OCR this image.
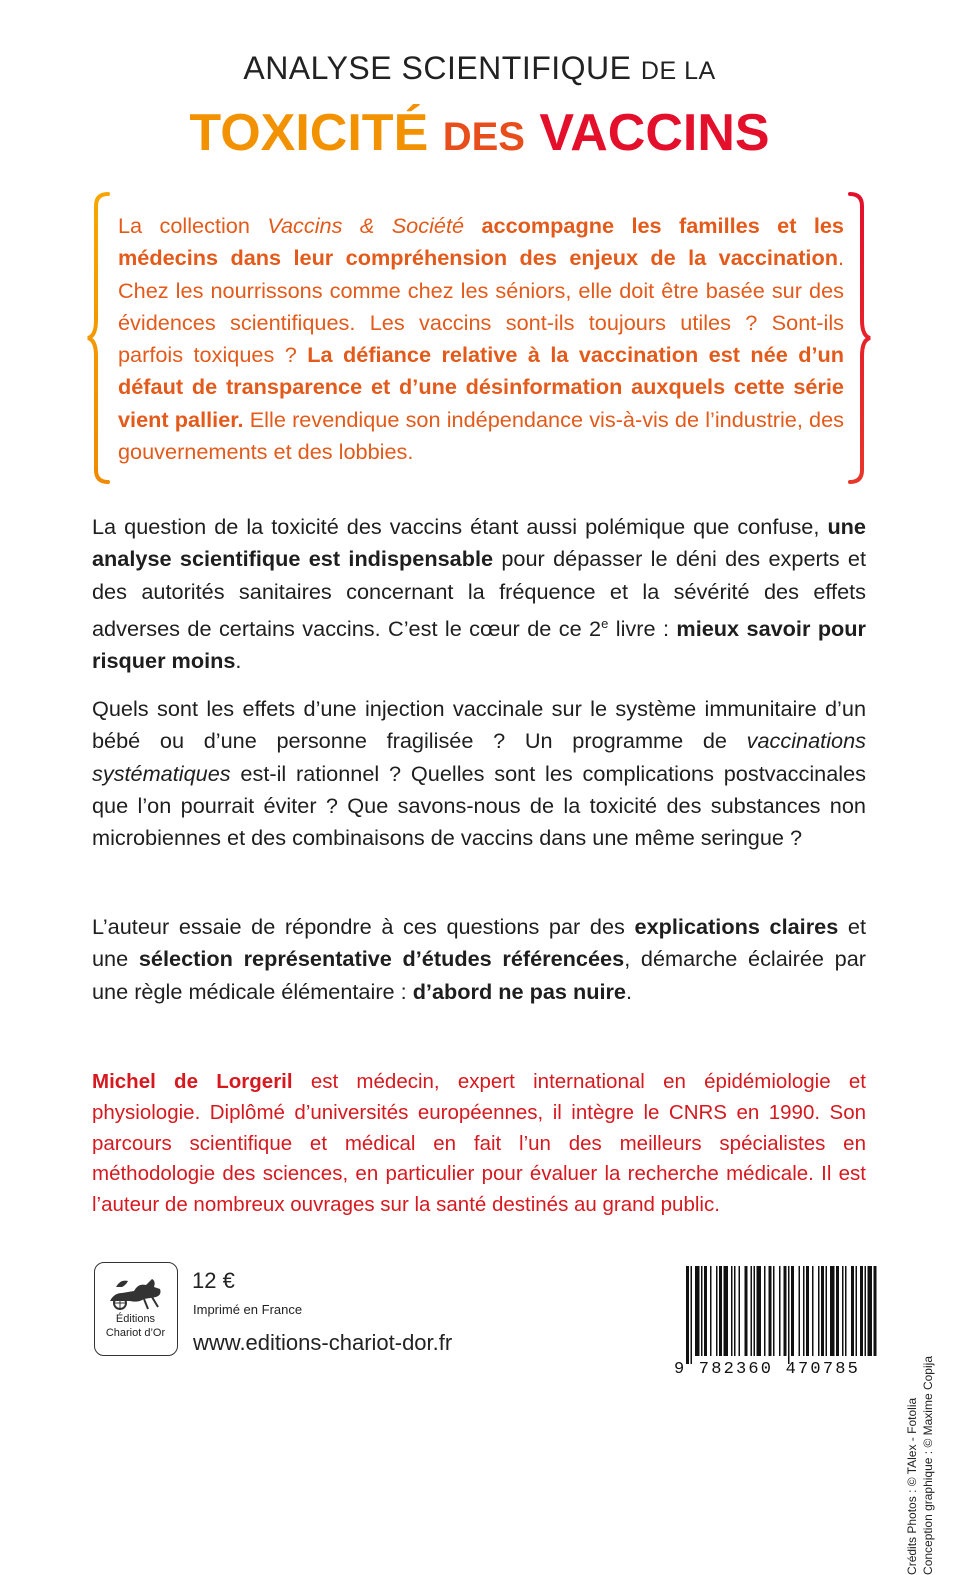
ANALYSE SCIENTIFIQUE DE LA
TOXICITÉ DES VACCINS
La collection Vaccins & Société accompagne les familles et les médecins dans leur compréhension des enjeux de la vaccination. Chez les nourrissons comme chez les séniors, elle doit être basée sur des évidences scientifiques. Les vaccins sont-ils toujours utiles ? Sont-ils parfois toxiques ? La défiance relative à la vaccination est née d’un défaut de transparence et d’une désinformation auxquels cette série vient pallier. Elle revendique son indépendance vis-à-vis de l’industrie, des gouvernements et des lobbies.
La question de la toxicité des vaccins étant aussi polémique que confuse, une analyse scientifique est indispensable pour dépasser le déni des experts et des autorités sanitaires concernant la fréquence et la sévérité des effets adverses de certains vaccins. C’est le cœur de ce 2e livre : mieux savoir pour risquer moins.
Quels sont les effets d’une injection vaccinale sur le système immunitaire d’un bébé ou d’une personne fragilisée ? Un programme de vaccinations systématiques est-il rationnel ? Quelles sont les complications postvaccinales que l’on pourrait éviter ? Que savons-nous de la toxicité des substances non microbiennes et des combinaisons de vaccins dans une même seringue ?
L’auteur essaie de répondre à ces questions par des explications claires et une sélection représentative d’études référencées, démarche éclairée par une règle médicale élémentaire : d’abord ne pas nuire.
Michel de Lorgeril est médecin, expert international en épidémiologie et physiologie. Diplômé d’universités européennes, il intègre le CNRS en 1990. Son parcours scientifique et médical en fait l’un des meilleurs spécialistes en méthodologie des sciences, en particulier pour évaluer la recherche médicale. Il est l’auteur de nombreux ouvrages sur la santé destinés au grand public.
Éditions
Chariot d’Or
12 €
Imprimé en France
www.editions-chariot-dor.fr
9 782360 470785
Crédits Photos : © TAlex - Fotolia Conception graphique : © Maxime Copija
